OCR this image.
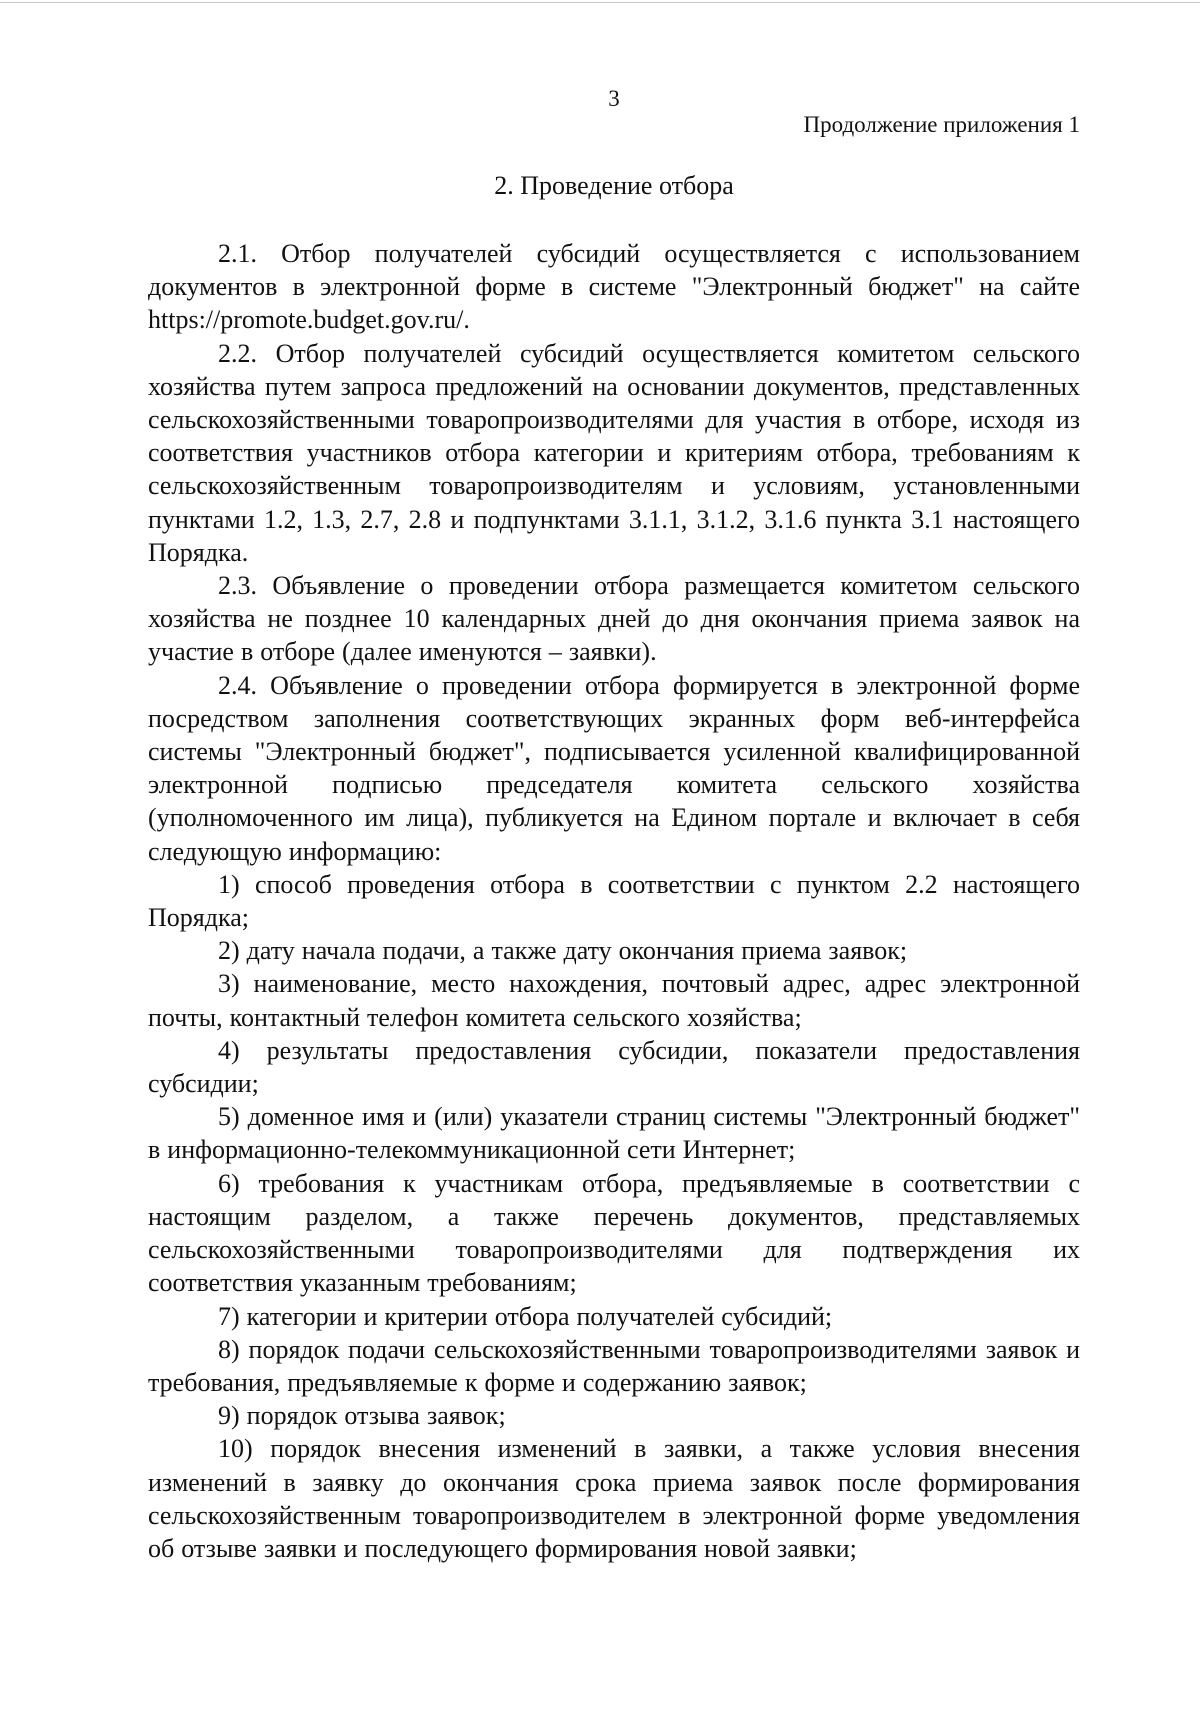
3
Продолжение приложения 1
2. Проведение отбора

2.1. Отбор получателей субсидий осуществляется с использованием документов в электронной форме в системе "Электронный бюджет" на сайте https://promote.budget.gov.ru/.

2.2. Отбор получателей субсидий осуществляется комитетом сельского хозяйства путем запроса предложений на основании документов, представленных сельскохозяйственными товаропроизводителями для участия в отборе, исходя из соответствия участников отбора категории и критериям отбора, требованиям к сельскохозяйственным товаропроизводителям и условиям, установленными пунктами 1.2, 1.3, 2.7, 2.8 и подпунктами 3.1.1, 3.1.2, 3.1.6 пункта 3.1 настоящего Порядка.

2.3. Объявление о проведении отбора размещается комитетом сельского хозяйства не позднее 10 календарных дней до дня окончания приема заявок на участие в отборе (далее именуются – заявки).

2.4. Объявление о проведении отбора формируется в электронной форме посредством заполнения соответствующих экранных форм веб-интерфейса системы "Электронный бюджет", подписывается усиленной квалифицированной электронной подписью председателя комитета сельского хозяйства (уполномоченного им лица), публикуется на Едином портале и включает в себя следующую информацию:

1) способ проведения отбора в соответствии с пунктом 2.2 настоящего Порядка;

2) дату начала подачи, а также дату окончания приема заявок;

3) наименование, место нахождения, почтовый адрес, адрес электронной почты, контактный телефон комитета сельского хозяйства;

4) результаты предоставления субсидии, показатели предоставления субсидии;

5) доменное имя и (или) указатели страниц системы "Электронный бюджет" в информационно-телекоммуникационной сети Интернет;

6) требования к участникам отбора, предъявляемые в соответствии с настоящим разделом, а также перечень документов, представляемых сельскохозяйственными товаропроизводителями для подтверждения их соответствия указанным требованиям;

7) категории и критерии отбора получателей субсидий;

8) порядок подачи сельскохозяйственными товаропроизводителями заявок и требования, предъявляемые к форме и содержанию заявок;

9) порядок отзыва заявок;

10) порядок внесения изменений в заявки, а также условия внесения изменений в заявку до окончания срока приема заявок после формирования сельскохозяйственным товаропроизводителем в электронной форме уведомления об отзыве заявки и последующего формирования новой заявки;
